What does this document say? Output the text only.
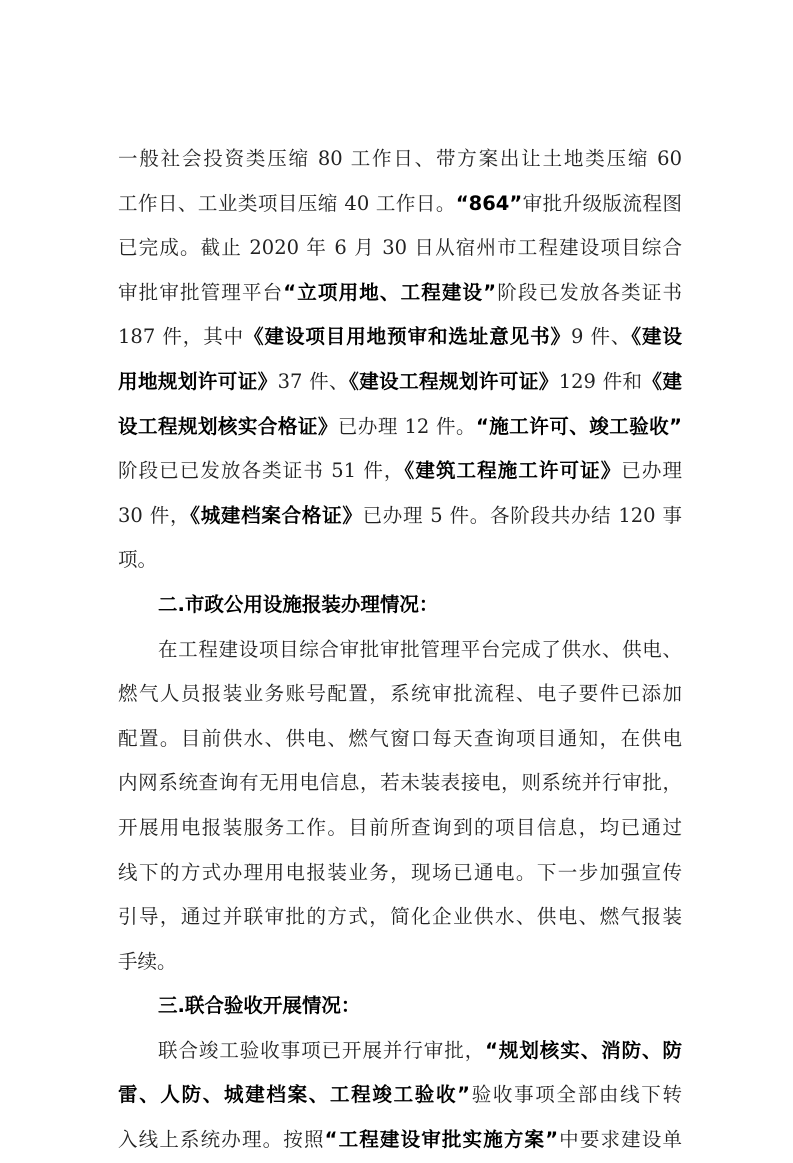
一般社会投资类压缩 80 工作日、带方案出让土地类压缩 60
工作日、工业类项目压缩 40 工作日。“864”审批升级版流程图
已完成。截止 2020 年 6 月 30 日从宿州市工程建设项目综合
审批审批管理平台“立项用地、工程建设”阶段已发放各类证书
187 件，其中《建设项目用地预审和选址意见书》9 件、《建设
用地规划许可证》37 件、《建设工程规划许可证》129 件和《建
设工程规划核实合格证》已办理 12 件。“施工许可、竣工验收”
阶段已已发放各类证书 51 件，《建筑工程施工许可证》已办理
30 件，《城建档案合格证》已办理 5 件。各阶段共办结 120 事
项。
二.市政公用设施报装办理情况：
在工程建设项目综合审批审批管理平台完成了供水、供电、
燃气人员报装业务账号配置，系统审批流程、电子要件已添加
配置。目前供水、供电、燃气窗口每天查询项目通知，在供电
内网系统查询有无用电信息，若未装表接电，则系统并行审批，
开展用电报装服务工作。目前所查询到的项目信息，均已通过
线下的方式办理用电报装业务，现场已通电。下一步加强宣传
引导，通过并联审批的方式，简化企业供水、供电、燃气报装
手续。
三.联合验收开展情况：
联合竣工验收事项已开展并行审批，“规划核实、消防、防
雷、人防、城建档案、工程竣工验收”验收事项全部由线下转
入线上系统办理。按照“工程建设审批实施方案”中要求建设单
